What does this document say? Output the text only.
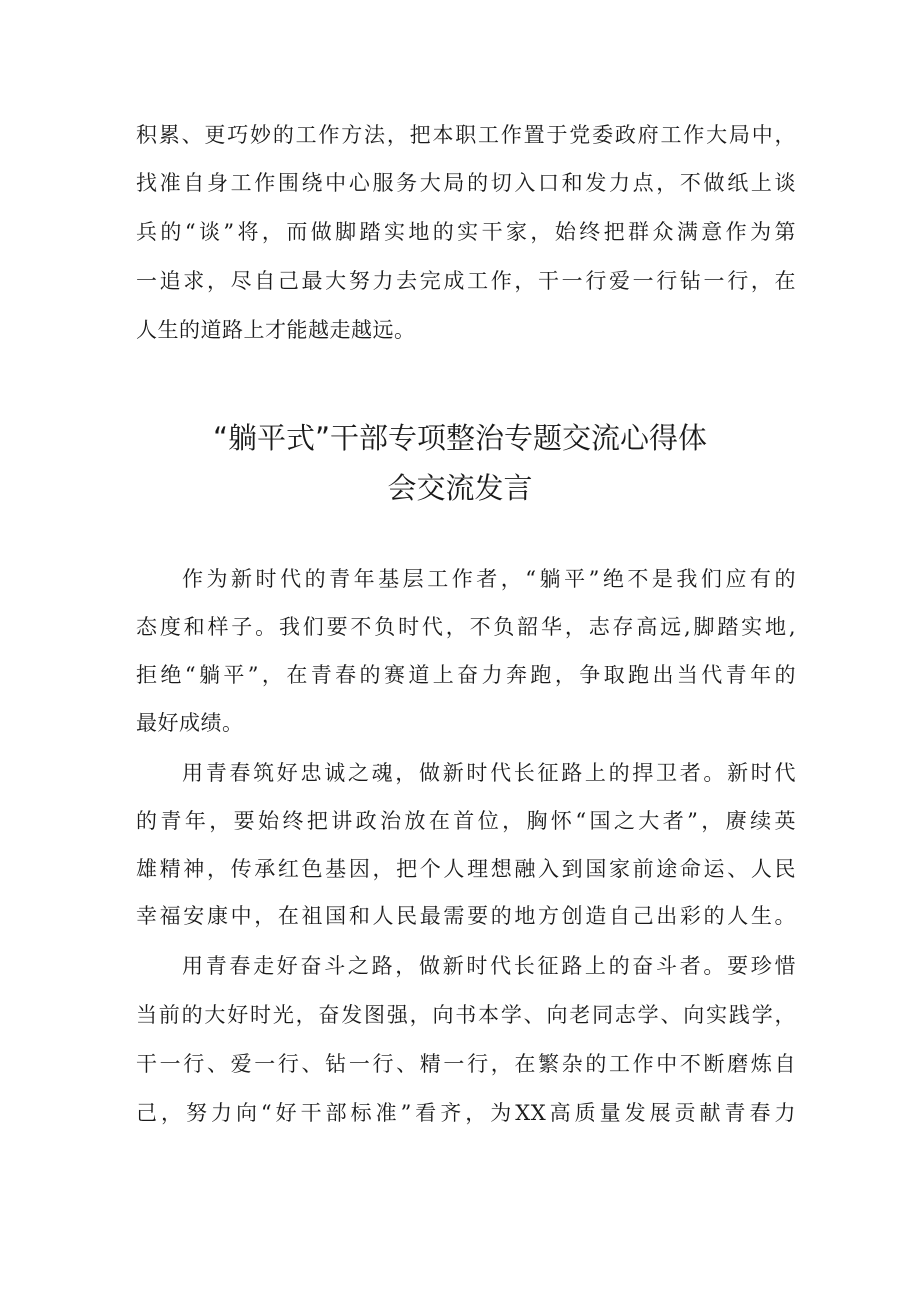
积累、更巧妙的工作方法，把本职工作置于党委政府工作大局中，
找准自身工作围绕中心服务大局的切入口和发力点，不做纸上谈
兵的“谈”将，而做脚踏实地的实干家，始终把群众满意作为第
一追求，尽自己最大努力去完成工作，干一行爱一行钻一行，在
人生的道路上才能越走越远。
“躺平式”干部专项整治专题交流心得体
会交流发言
作为新时代的青年基层工作者，“躺平”绝不是我们应有的
态度和样子。我们要不负时代，不负韶华，志存高远,脚踏实地,
拒绝“躺平”，在青春的赛道上奋力奔跑，争取跑出当代青年的
最好成绩。
用青春筑好忠诚之魂，做新时代长征路上的捍卫者。新时代
的青年，要始终把讲政治放在首位，胸怀“国之大者”，赓续英
雄精神，传承红色基因，把个人理想融入到国家前途命运、人民
幸福安康中，在祖国和人民最需要的地方创造自己出彩的人生。
用青春走好奋斗之路，做新时代长征路上的奋斗者。要珍惜
当前的大好时光，奋发图强，向书本学、向老同志学、向实践学，
干一行、爱一行、钻一行、精一行，在繁杂的工作中不断磨炼自
己，努力向“好干部标准”看齐，为XX高质量发展贡献青春力
